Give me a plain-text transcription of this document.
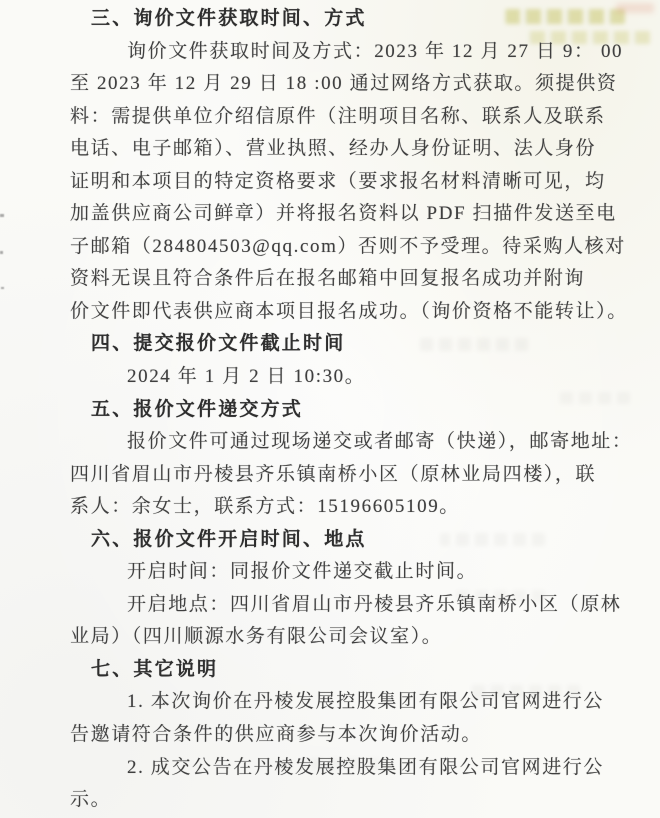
三、询价文件获取时间、方式
询价文件获取时间及方式：2023 年 12 月 27 日 9： 00
至 2023 年 12 月 29 日 18 :00 通过网络方式获取。须提供资
料：需提供单位介绍信原件（注明项目名称、联系人及联系
电话、电子邮箱）、营业执照、经办人身份证明、法人身份
证明和本项目的特定资格要求（要求报名材料清晰可见，均
加盖供应商公司鲜章）并将报名资料以 PDF 扫描件发送至电
子邮箱（284804503@qq.com）否则不予受理。待采购人核对
资料无误且符合条件后在报名邮箱中回复报名成功并附询
价文件即代表供应商本项目报名成功。（询价资格不能转让）。
四、提交报价文件截止时间
2024 年 1 月 2 日 10:30。
五、报价文件递交方式
报价文件可通过现场递交或者邮寄（快递），邮寄地址：
四川省眉山市丹棱县齐乐镇南桥小区（原林业局四楼），联
系人：余女士，联系方式：15196605109。
六、报价文件开启时间、地点
开启时间：同报价文件递交截止时间。
开启地点：四川省眉山市丹棱县齐乐镇南桥小区（原林
业局）（四川顺源水务有限公司会议室）。
七、其它说明
1. 本次询价在丹棱发展控股集团有限公司官网进行公
告邀请符合条件的供应商参与本次询价活动。
2. 成交公告在丹棱发展控股集团有限公司官网进行公
示。
